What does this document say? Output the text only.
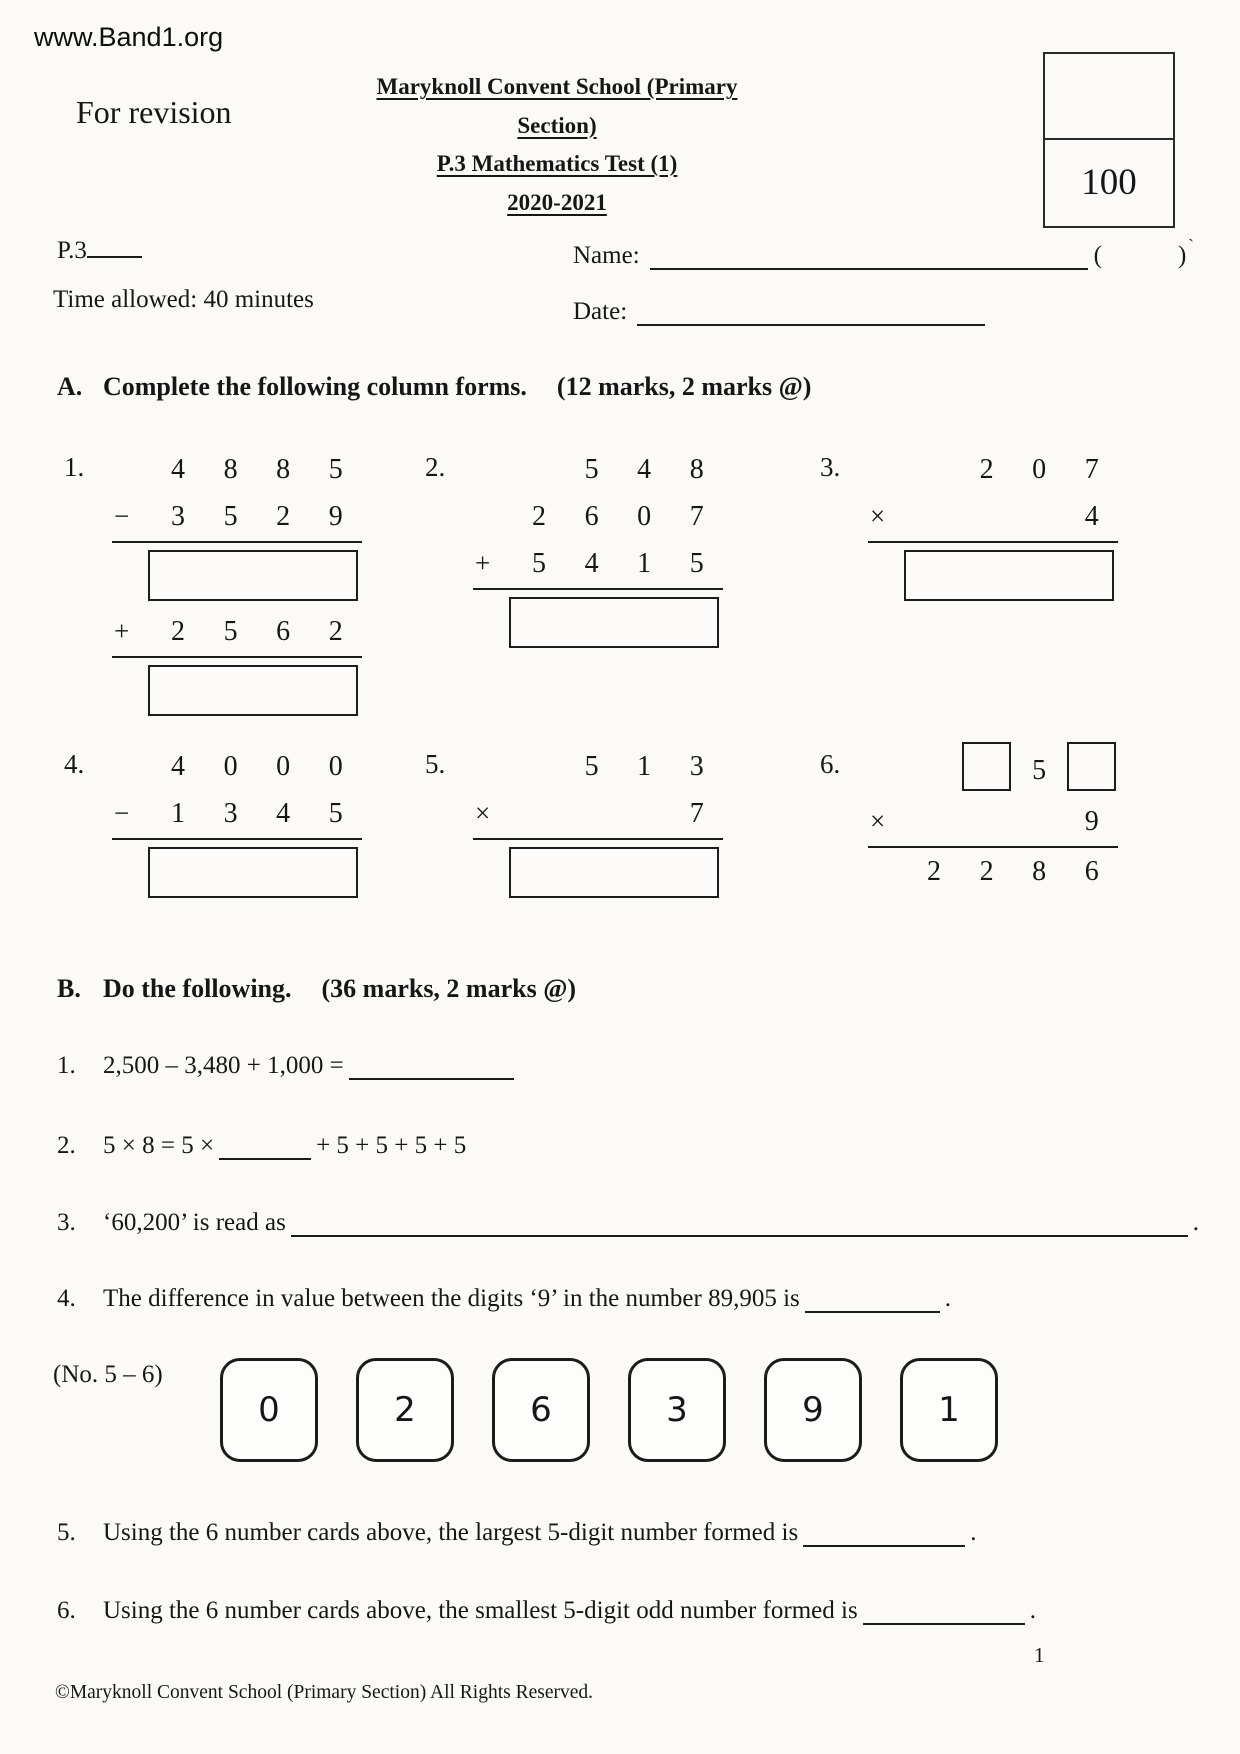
www.Band1.org
For revision
Maryknoll Convent School (Primary Section)
P.3 Mathematics Test (1)
2020-2021	100
P.3	Name:	(	) `
Time allowed: 40 minutes	Date:
A. Complete the following column forms. (12 marks, 2 marks @)
1.	4	8	8	5
−	3	5	2	9
+	2	5	6	2
2.	5	4	8
2	6	0	7
+	5	4	1	5
3.	2	0	7
×	4
4.	4	0	0	0
−	1	3	4	5
5.	5	1	3
×	7
6.	5
×	9
2	2	8	6
B. Do the following. (36 marks, 2 marks @)
1.	2,500 – 3,480 + 1,000 =
2.	5 × 8 = 5 ×	+ 5 + 5 + 5 + 5
3.	‘60,200’ is read as	.
4.	The difference in value between the digits ‘9’ in the number 89,905 is	.
5.	Using the 6 number cards above, the largest 5-digit number formed is	.
6.	Using the 6 number cards above, the smallest 5-digit odd number formed is	.
(No. 5 – 6)
0	2	6	3	9	1
©Maryknoll Convent School (Primary Section) All Rights Reserved.
1
